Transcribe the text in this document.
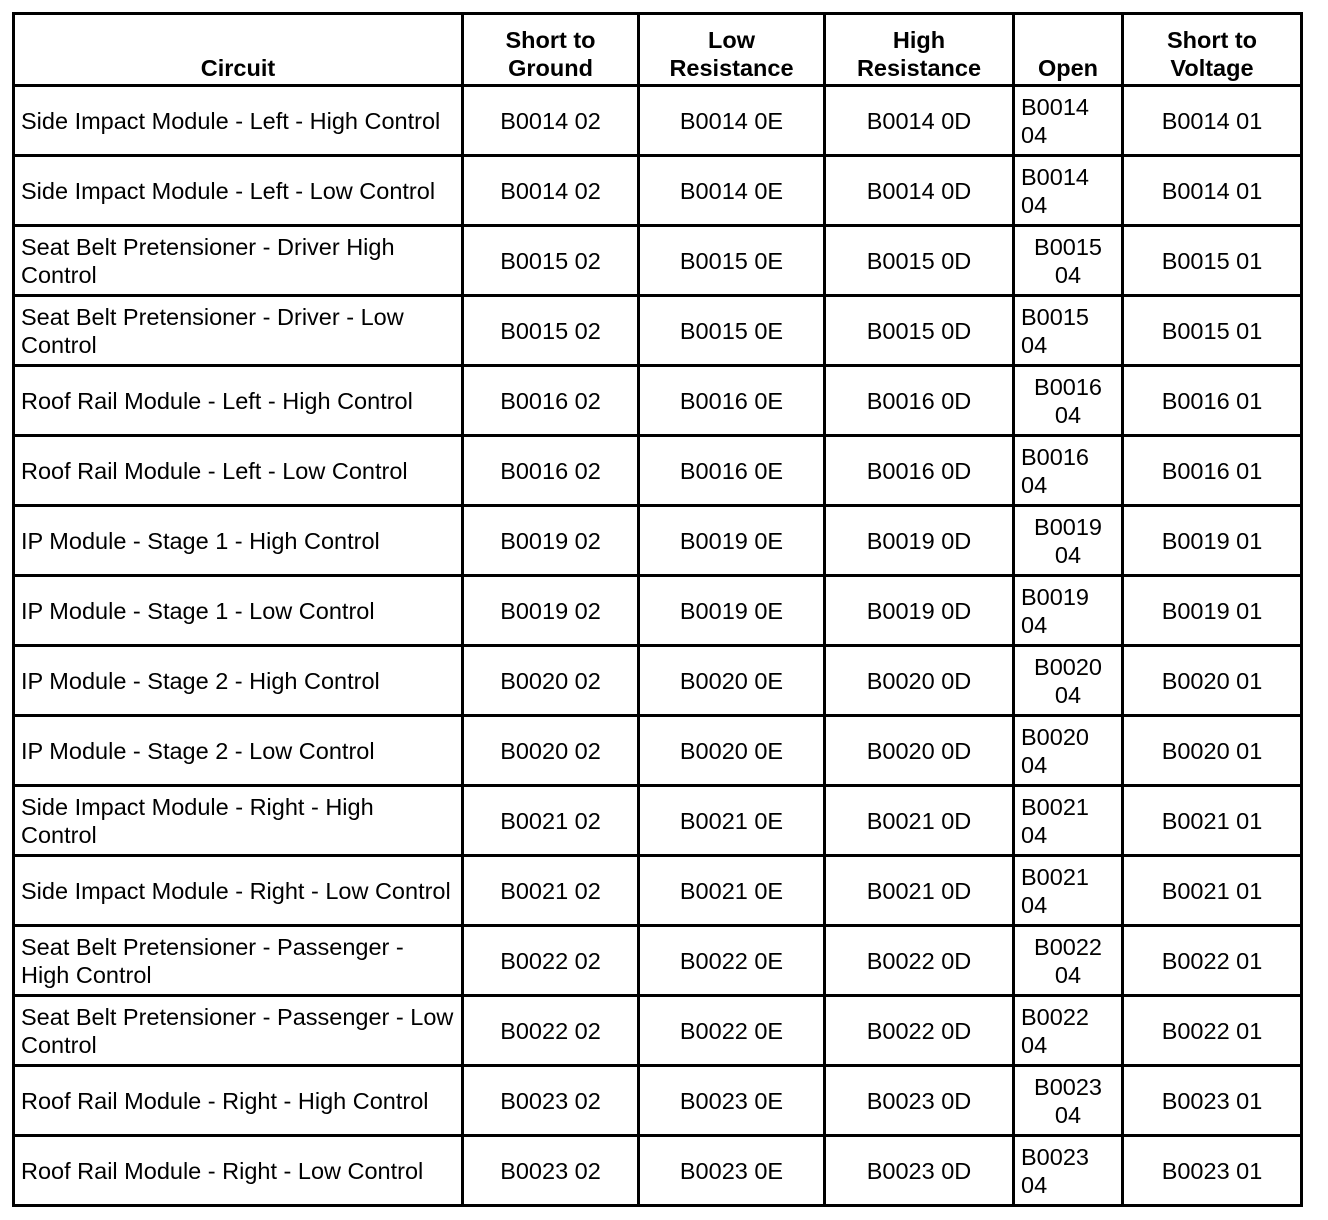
Circuit	Short to Ground	Low Resistance	High Resistance	Open	Short to Voltage
Side Impact Module - Left - High Control	B0014 02	B0014 0E	B0014 0D	B0014 04	B0014 01
Side Impact Module - Left - Low Control	B0014 02	B0014 0E	B0014 0D	B0014 04	B0014 01
Seat Belt Pretensioner - Driver High Control	B0015 02	B0015 0E	B0015 0D	B0015 04	B0015 01
Seat Belt Pretensioner - Driver - Low Control	B0015 02	B0015 0E	B0015 0D	B0015 04	B0015 01
Roof Rail Module - Left - High Control	B0016 02	B0016 0E	B0016 0D	B0016 04	B0016 01
Roof Rail Module - Left - Low Control	B0016 02	B0016 0E	B0016 0D	B0016 04	B0016 01
IP Module - Stage 1 - High Control	B0019 02	B0019 0E	B0019 0D	B0019 04	B0019 01
IP Module - Stage 1 - Low Control	B0019 02	B0019 0E	B0019 0D	B0019 04	B0019 01
IP Module - Stage 2 - High Control	B0020 02	B0020 0E	B0020 0D	B0020 04	B0020 01
IP Module - Stage 2 - Low Control	B0020 02	B0020 0E	B0020 0D	B0020 04	B0020 01
Side Impact Module - Right - High Control	B0021 02	B0021 0E	B0021 0D	B0021 04	B0021 01
Side Impact Module - Right - Low Control	B0021 02	B0021 0E	B0021 0D	B0021 04	B0021 01
Seat Belt Pretensioner - Passenger - High Control	B0022 02	B0022 0E	B0022 0D	B0022 04	B0022 01
Seat Belt Pretensioner - Passenger - Low Control	B0022 02	B0022 0E	B0022 0D	B0022 04	B0022 01
Roof Rail Module - Right - High Control	B0023 02	B0023 0E	B0023 0D	B0023 04	B0023 01
Roof Rail Module - Right - Low Control	B0023 02	B0023 0E	B0023 0D	B0023 04	B0023 01
